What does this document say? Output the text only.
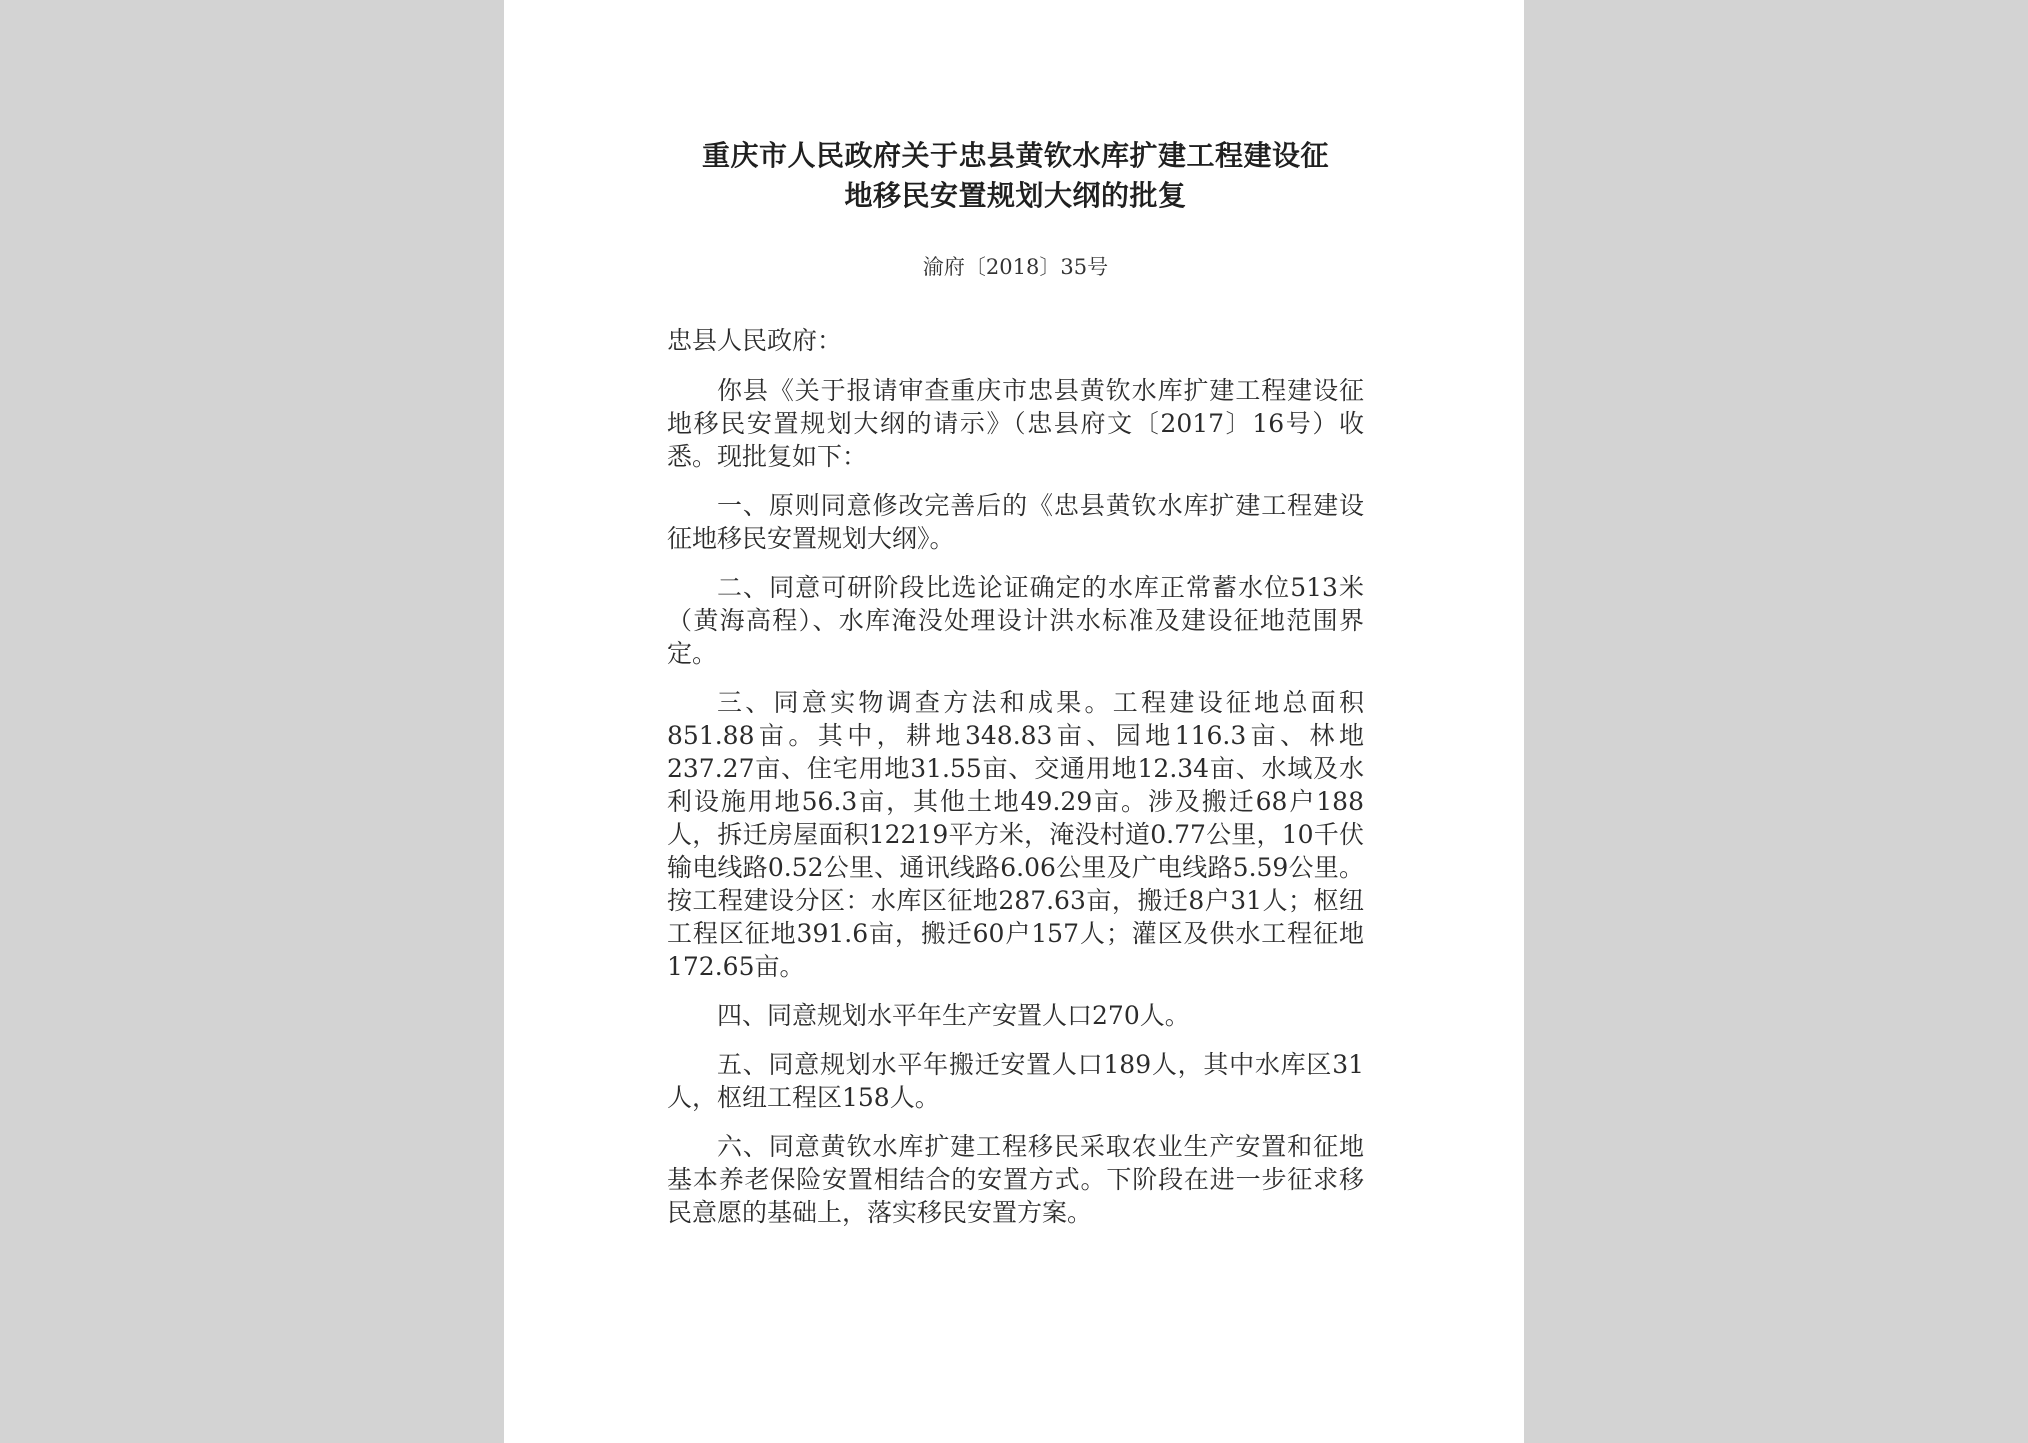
重庆市人民政府关于忠县黄钦水库扩建工程建设征
地移民安置规划大纲的批复
渝府〔2018〕35号
忠县人民政府：

你县《关于报请审查重庆市忠县黄钦水库扩建工程建设征地移民安置规划大纲的请示》（忠县府文〔2017〕16号）收悉。现批复如下：

一、原则同意修改完善后的《忠县黄钦水库扩建工程建设征地移民安置规划大纲》。

二、同意可研阶段比选论证确定的水库正常蓄水位513米（黄海高程）、水库淹没处理设计洪水标准及建设征地范围界定。

三、同意实物调查方法和成果。工程建设征地总面积851.88亩。其中，耕地348.83亩、园地116.3亩、林地237.27亩、住宅用地31.55亩、交通用地12.34亩、水域及水利设施用地56.3亩，其他土地49.29亩。涉及搬迁68户188人，拆迁房屋面积12219平方米，淹没村道0.77公里，10千伏输电线路0.52公里、通讯线路6.06公里及广电线路5.59公里。按工程建设分区：水库区征地287.63亩，搬迁8户31人；枢纽工程区征地391.6亩，搬迁60户157人；灌区及供水工程征地172.65亩。

四、同意规划水平年生产安置人口270人。

五、同意规划水平年搬迁安置人口189人，其中水库区31人，枢纽工程区158人。

六、同意黄钦水库扩建工程移民采取农业生产安置和征地基本养老保险安置相结合的安置方式。下阶段在进一步征求移民意愿的基础上，落实移民安置方案。
